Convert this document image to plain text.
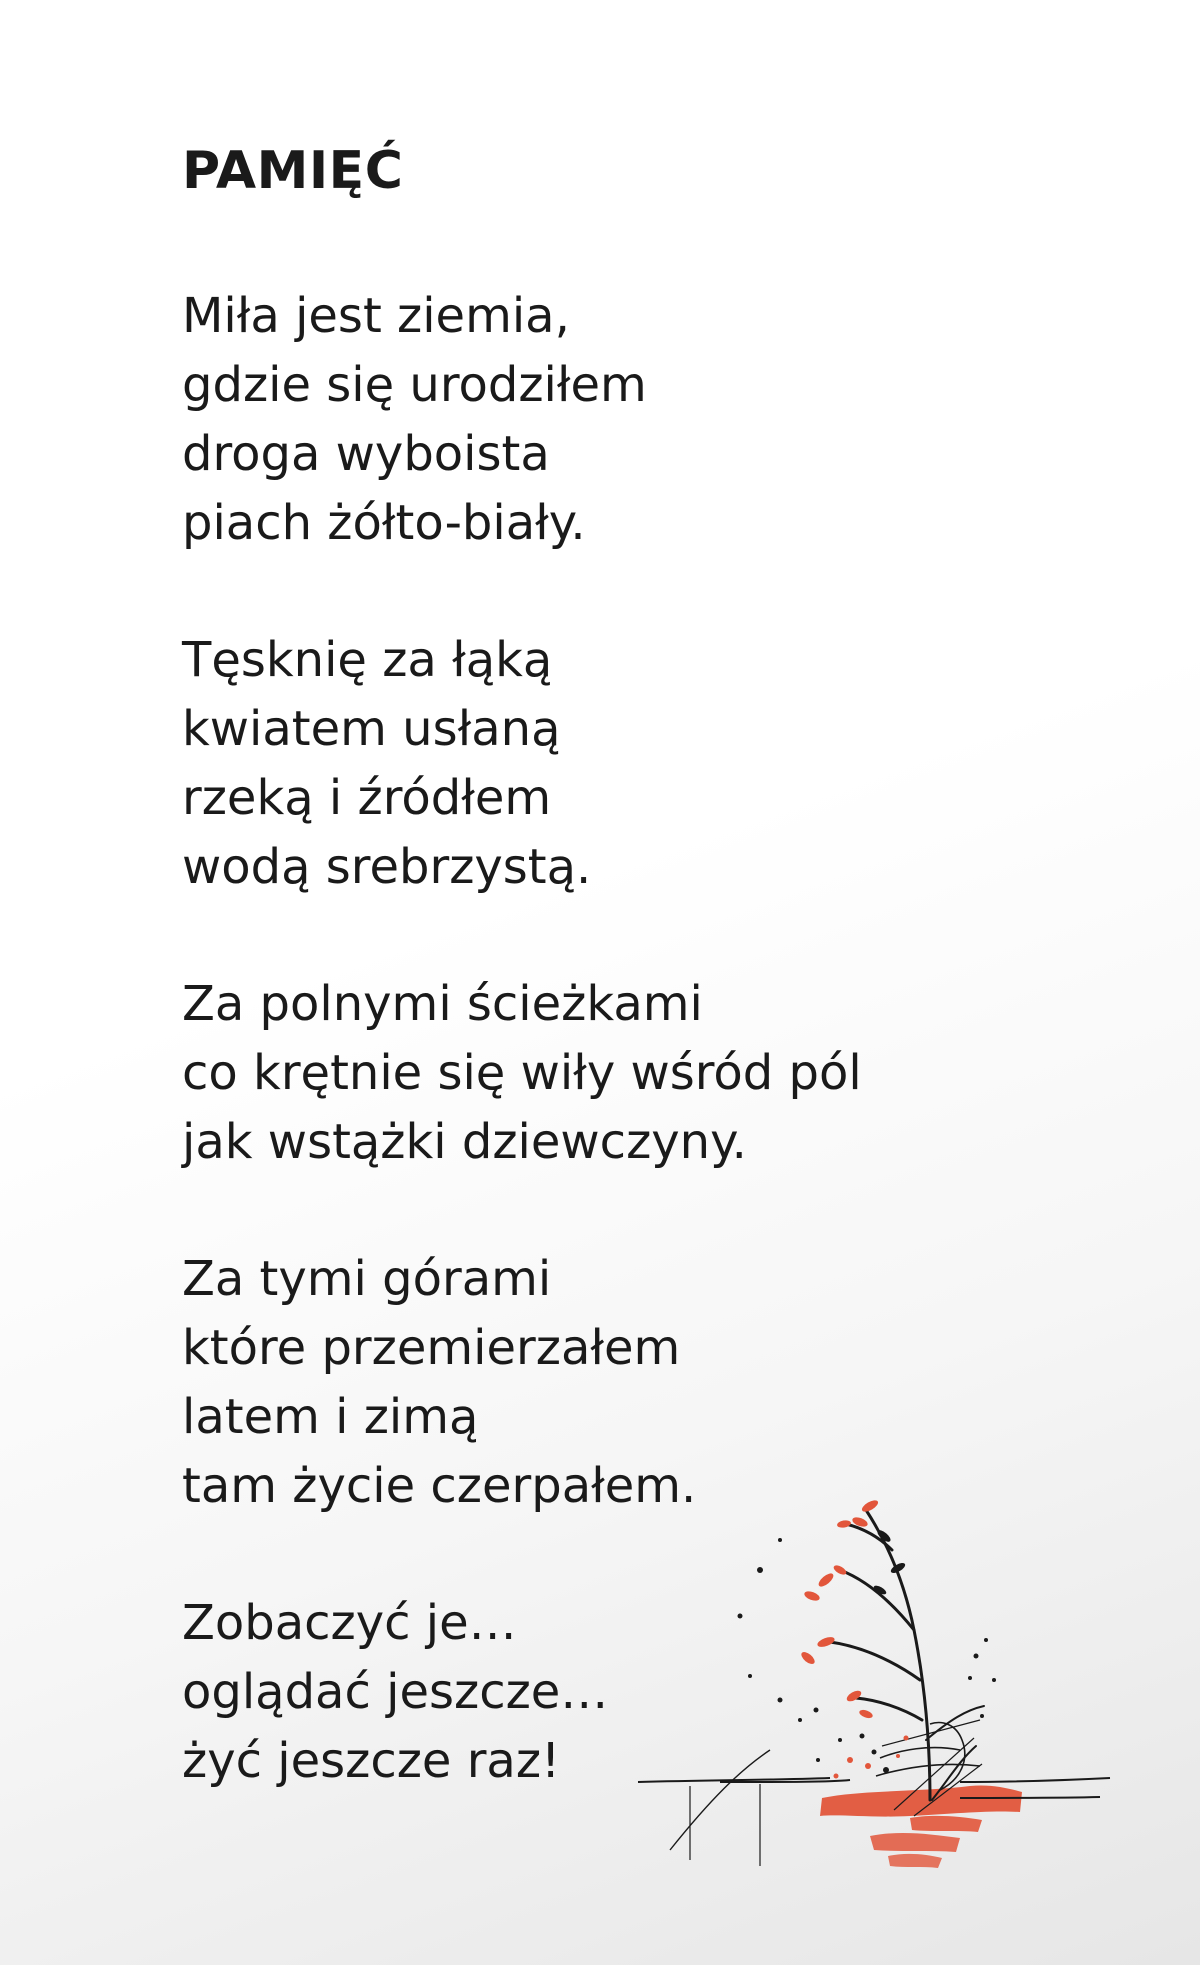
PAMIĘĆ
Miła jest ziemia,
gdzie się urodziłem
droga wyboista
piach żółto-biały.
Tęsknię za łąką
kwiatem usłaną
rzeką i źródłem
wodą srebrzystą.
Za polnymi ścieżkami
co krętnie się wiły wśród pól
jak wstążki dziewczyny.
Za tymi górami
które przemierzałem
latem i zimą
tam życie czerpałem.
Zobaczyć je…
oglądać jeszcze…
żyć jeszcze raz!
